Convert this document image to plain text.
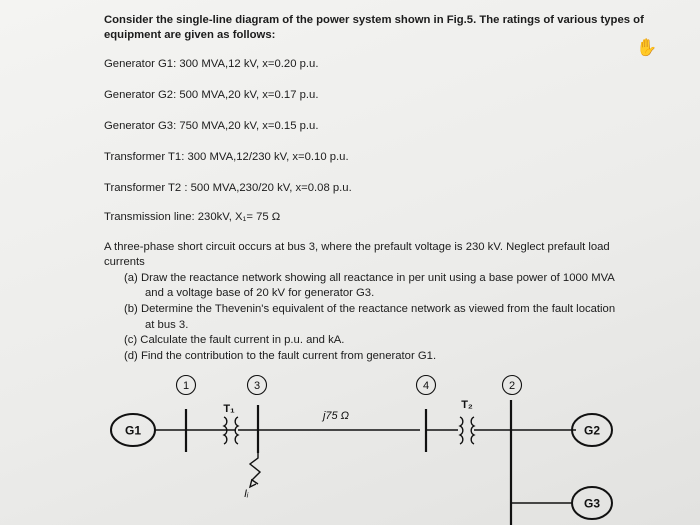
Consider the single-line diagram of the power system shown in Fig.5. The ratings of various types of
equipment are given as follows:
Generator G1: 300 MVA,12 kV, x=0.20 p.u.
Generator G2: 500 MVA,20 kV, x=0.17 p.u.
Generator G3: 750 MVA,20 kV, x=0.15 p.u.
Transformer T1: 300 MVA,12/230 kV, x=0.10 p.u.
Transformer T2 : 500 MVA,230/20 kV, x=0.08 p.u.
Transmission line: 230kV, X₁= 75 Ω
A three-phase short circuit occurs at bus 3, where the prefault voltage is 230 kV. Neglect prefault load
currents
(a) Draw the reactance network showing all reactance in per unit using a base power of 1000 MVA
and a voltage base of 20 kV for generator G3.
(b) Determine the Thevenin's equivalent of the reactance network as viewed from the fault location
at bus 3.
(c) Calculate the fault current in p.u. and kA.
(d) Find the contribution to the fault current from generator G1.
✋
G1
1
T₁
3
Iᵢ
j75 Ω
4
T₂
2
G2
G3
